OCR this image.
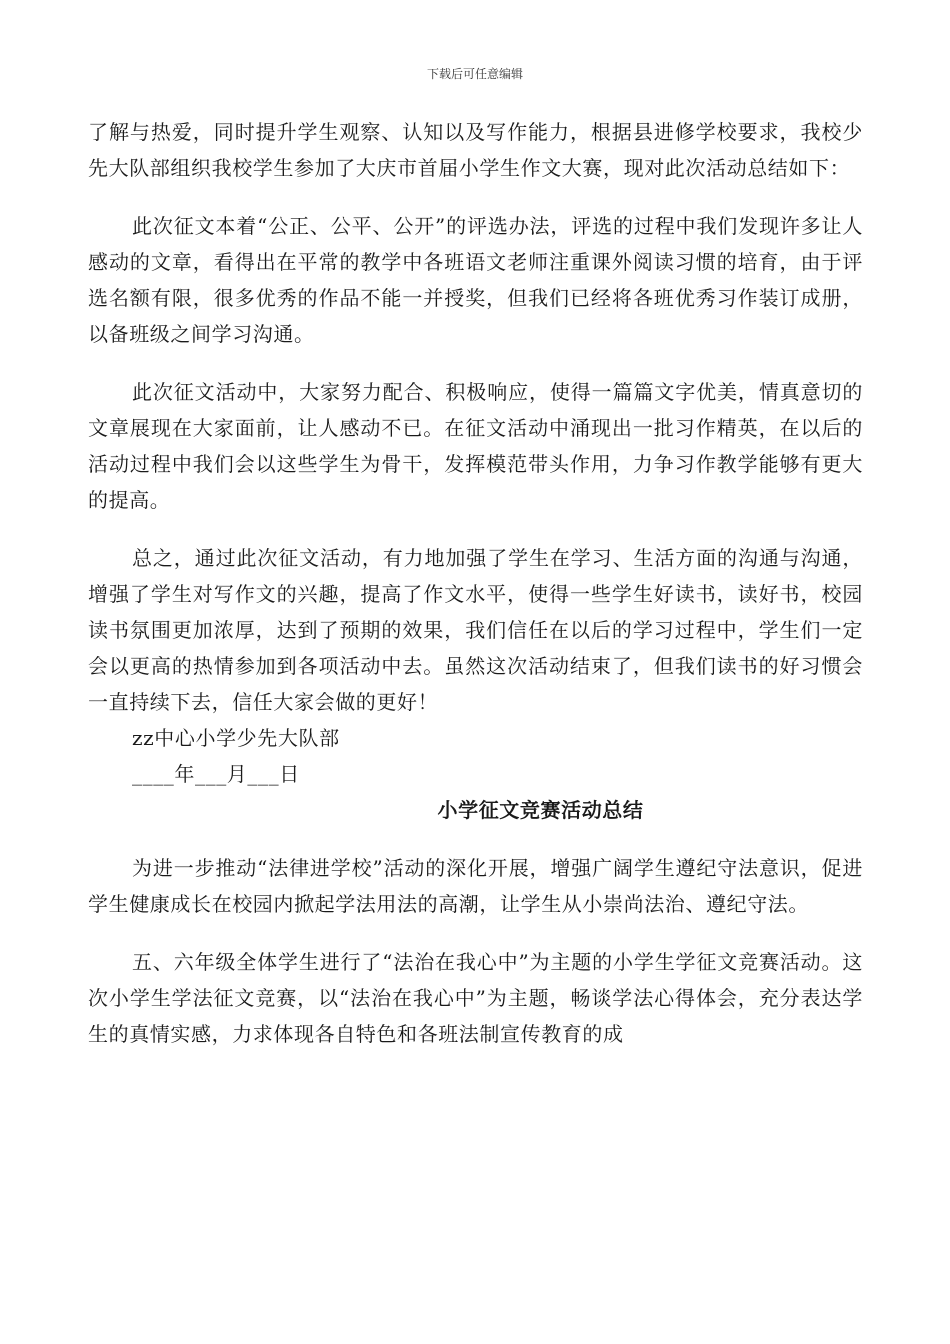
下载后可任意编辑

了解与热爱，同时提升学生观察、认知以及写作能力，根据县进修学校要求，我校少先大队部组织我校学生参加了大庆市首届小学生作文大赛，现对此次活动总结如下：

此次征文本着“公正、公平、公开”的评选办法，评选的过程中我们发现许多让人感动的文章，看得出在平常的教学中各班语文老师注重课外阅读习惯的培育，由于评选名额有限，很多优秀的作品不能一并授奖，但我们已经将各班优秀习作装订成册，以备班级之间学习沟通。

此次征文活动中，大家努力配合、积极响应，使得一篇篇文字优美，情真意切的文章展现在大家面前，让人感动不已。在征文活动中涌现出一批习作精英，在以后的活动过程中我们会以这些学生为骨干，发挥模范带头作用，力争习作教学能够有更大的提高。

总之，通过此次征文活动，有力地加强了学生在学习、生活方面的沟通与沟通，增强了学生对写作文的兴趣，提高了作文水平，使得一些学生好读书，读好书，校园读书氛围更加浓厚，达到了预期的效果，我们信任在以后的学习过程中，学生们一定会以更高的热情参加到各项活动中去。虽然这次活动结束了，但我们读书的好习惯会一直持续下去，信任大家会做的更好！

zz中心小学少先大队部

____年___月___日

小学征文竞赛活动总结

为进一步推动“法律进学校”活动的深化开展，增强广阔学生遵纪守法意识，促进学生健康成长在校园内掀起学法用法的高潮，让学生从小崇尚法治、遵纪守法。

五、六年级全体学生进行了“法治在我心中”为主题的小学生学征文竞赛活动。这次小学生学法征文竞赛，以“法治在我心中”为主题，畅谈学法心得体会，充分表达学生的真情实感，力求体现各自特色和各班法制宣传教育的成
